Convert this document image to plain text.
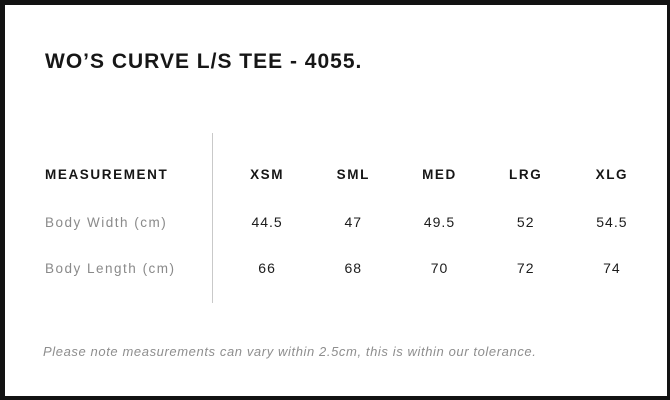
WO’S CURVE L/S TEE - 4055.
MEASUREMENT	XSM	SML	MED	LRG	XLG
Body Width (cm)	44.5	47	49.5	52	54.5
Body Length (cm)	66	68	70	72	74

Please note measurements can vary within 2.5cm, this is within our tolerance.
